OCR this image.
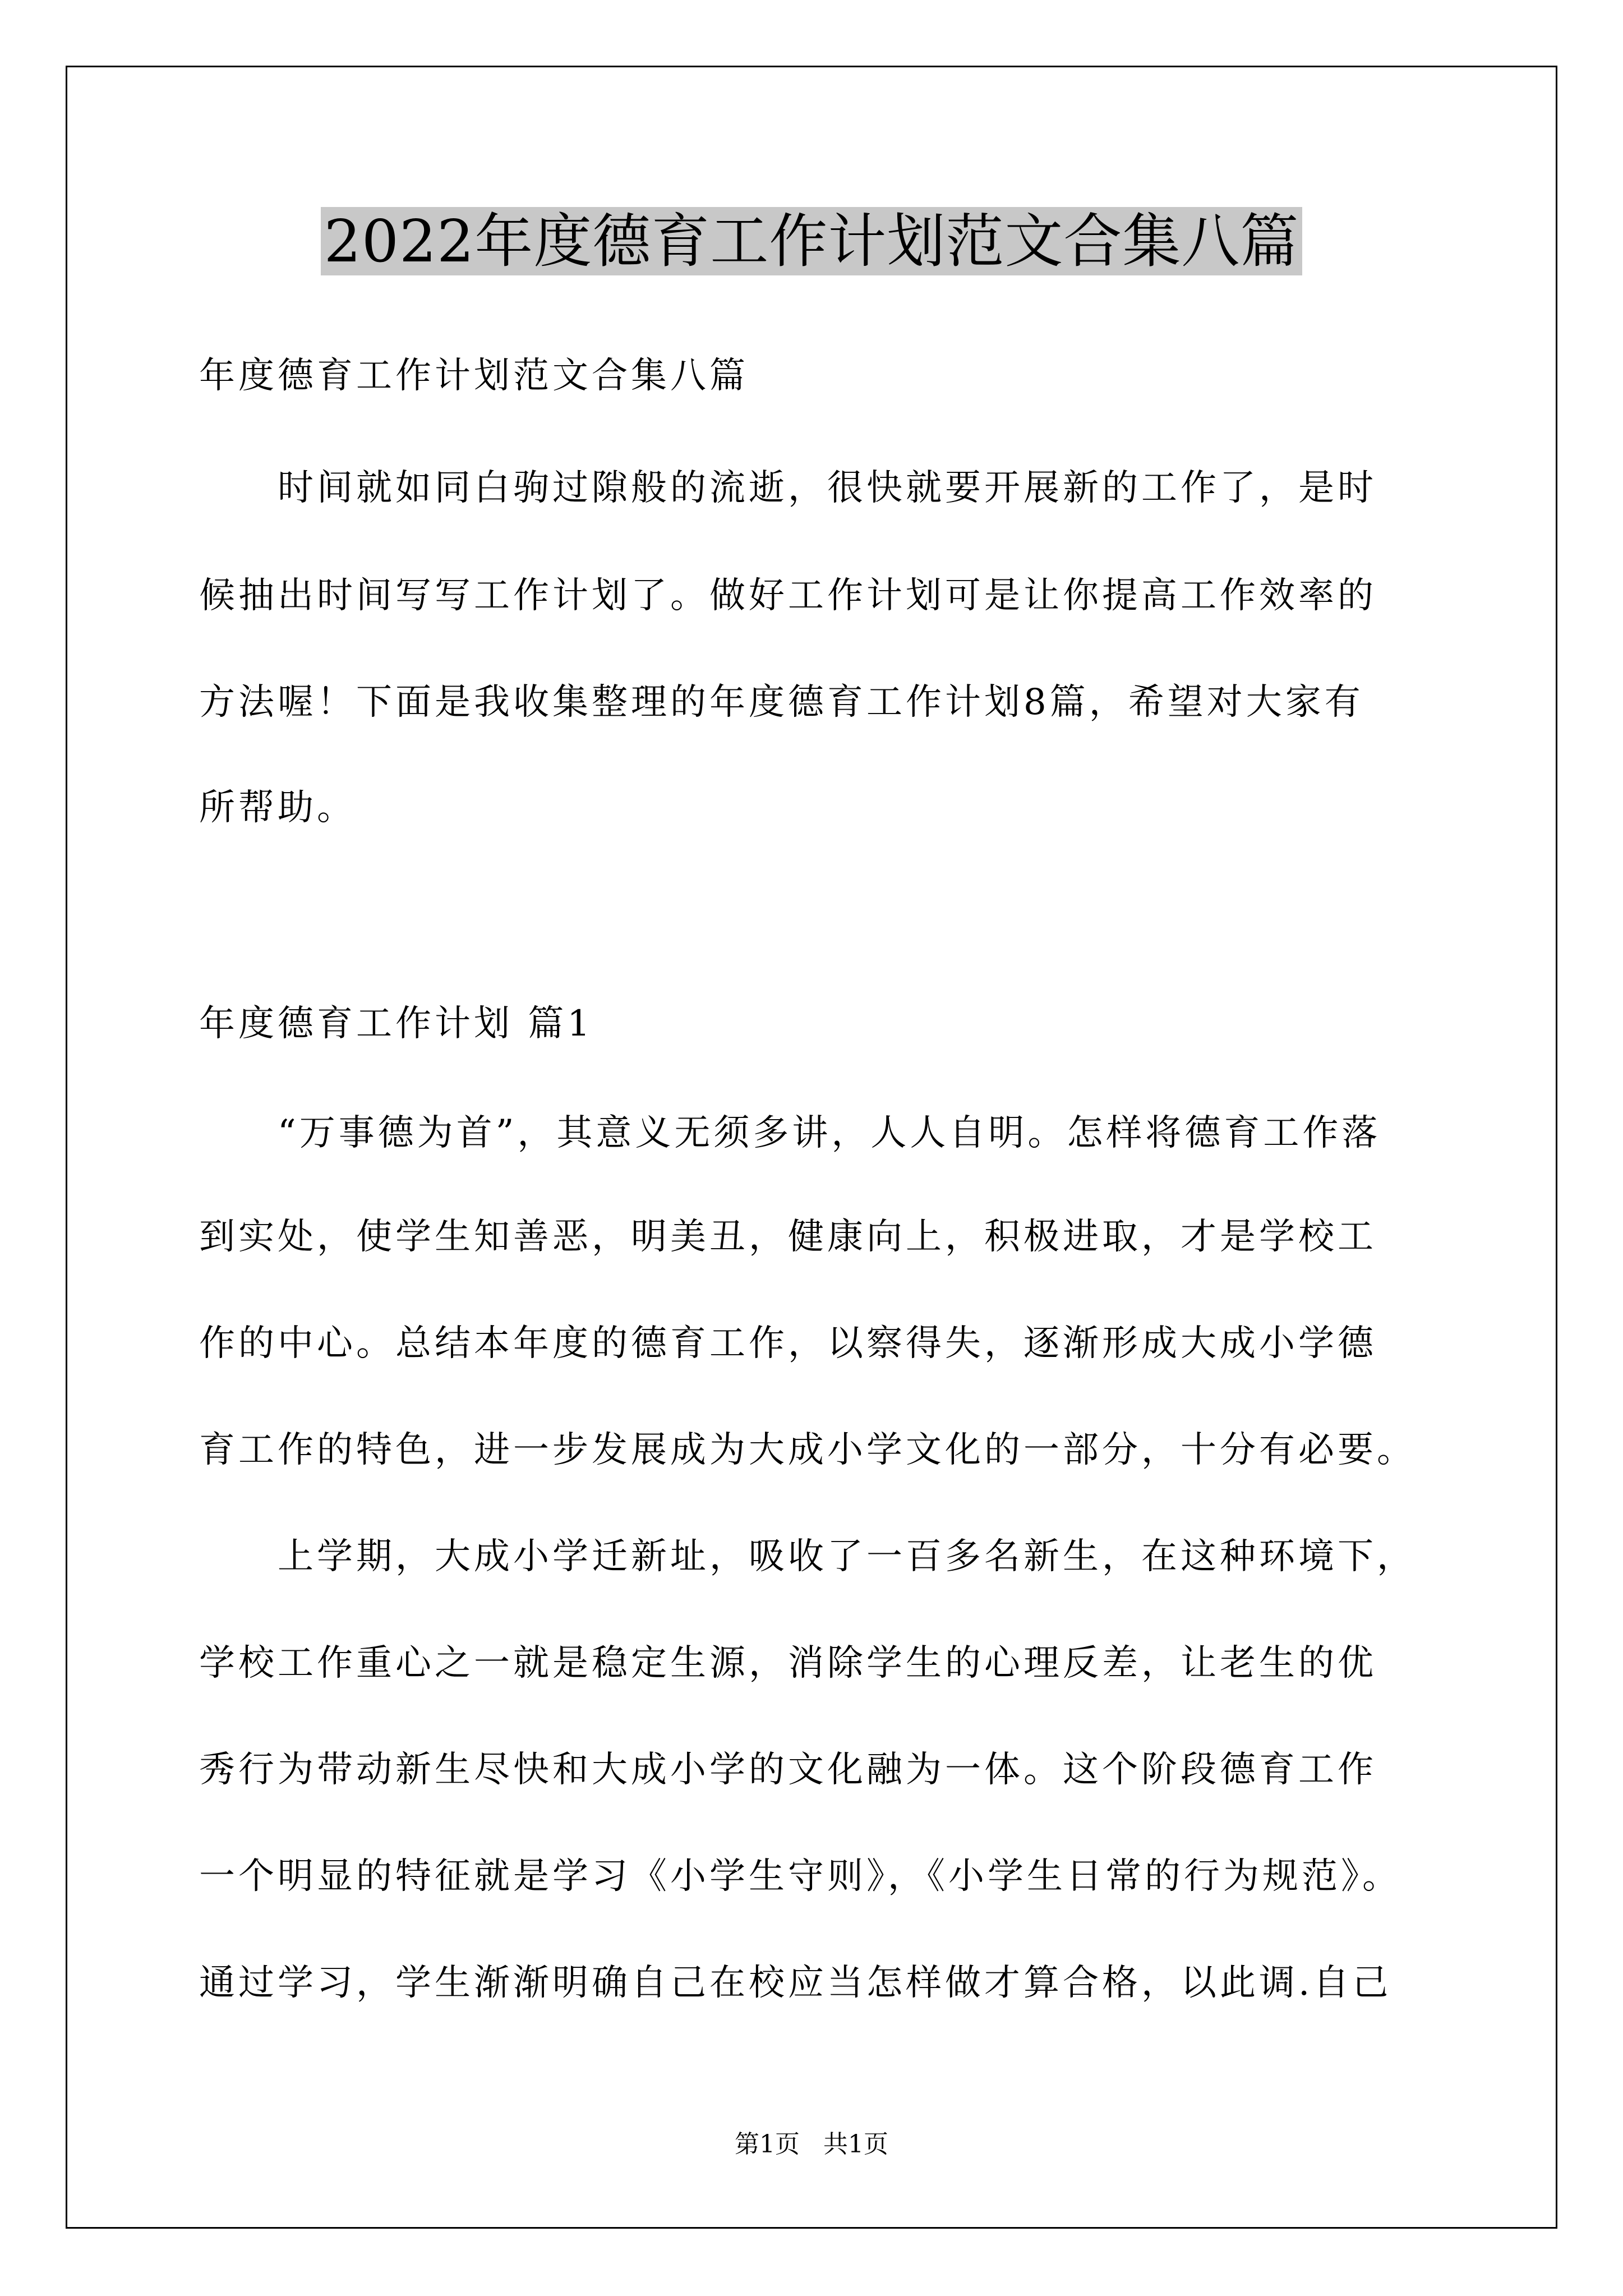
2022年度德育工作计划范文合集八篇
年度德育工作计划范文合集八篇
时间就如同白驹过隙般的流逝，很快就要开展新的工作了，是时
候抽出时间写写工作计划了。做好工作计划可是让你提高工作效率的
方法喔！下面是我收集整理的年度德育工作计划8篇，希望对大家有
所帮助。
年度德育工作计划 篇1
“万事德为首”，其意义无须多讲，人人自明。怎样将德育工作落
到实处，使学生知善恶，明美丑，健康向上，积极进取，才是学校工
作的中心。总结本年度的德育工作，以察得失，逐渐形成大成小学德
育工作的特色，进一步发展成为大成小学文化的一部分，十分有必要。
上学期，大成小学迁新址，吸收了一百多名新生，在这种环境下，
学校工作重心之一就是稳定生源，消除学生的心理反差，让老生的优
秀行为带动新生尽快和大成小学的文化融为一体。这个阶段德育工作
一个明显的特征就是学习《小学生守则》，《小学生日常的行为规范》。
通过学习，学生渐渐明确自己在校应当怎样做才算合格，以此调.自己
第1页 共1页
